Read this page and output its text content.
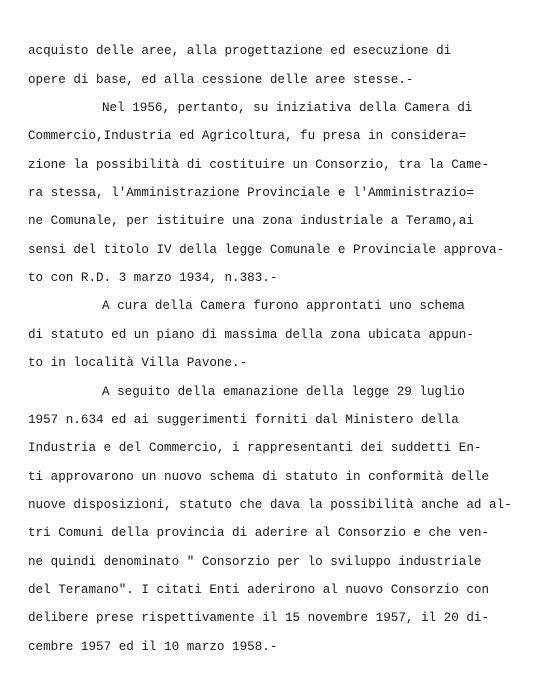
acquisto delle aree, alla progettazione ed esecuzione di
opere di base, ed alla cessione delle aree stesse.-
Nel 1956, pertanto, su iniziativa della Camera di
Commercio,Industria ed Agricoltura, fu presa in considera=
zione la possibilità di costituire un Consorzio, tra la Came-
ra stessa, l'Amministrazione Provinciale e l'Amministrazio=
ne Comunale, per istituire una zona industriale a Teramo,ai
sensi del titolo IV della legge Comunale e Provinciale approva-
to con R.D. 3 marzo 1934, n.383.-
A cura della Camera furono approntati uno schema
di statuto ed un piano di massima della zona ubicata appun-
to in località Villa Pavone.-
A seguito della emanazione della legge 29 luglio
1957 n.634 ed ai suggerimenti forniti dal Ministero della
Industria e del Commercio, i rappresentanti dei suddetti En-
ti approvarono un nuovo schema di statuto in conformità delle
nuove disposizioni, statuto che dava la possibilità anche ad al-
tri Comuni della provincia di aderire al Consorzio e che ven-
ne quindi denominato " Consorzio per lo sviluppo industriale
del Teramano". I citati Enti aderirono al nuovo Consorzio con
delibere prese rispettivamente il 15 novembre 1957, il 20 di-
cembre 1957 ed il 10 marzo 1958.-
